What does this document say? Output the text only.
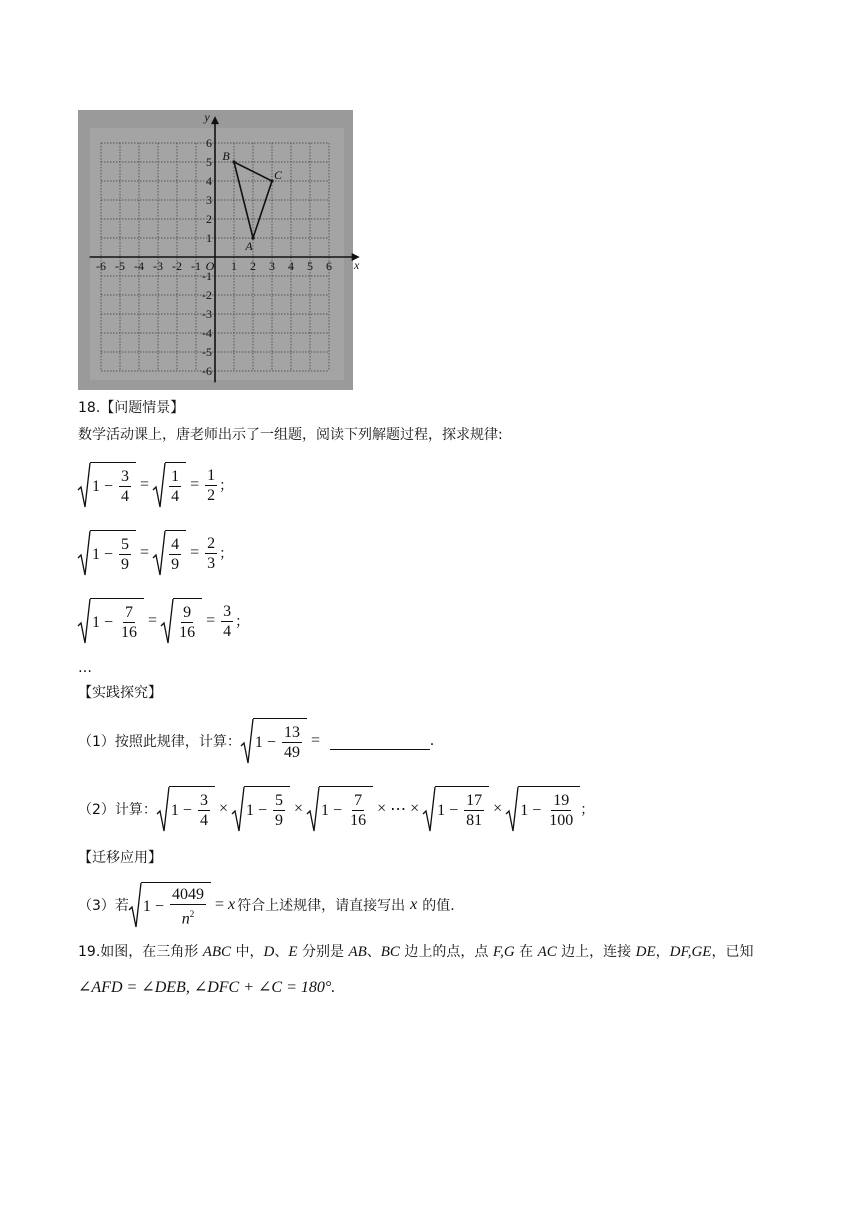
-6 -5 -4 -3 -2 -1	1 2 3 4 5 6
6
5
4
3
2
1
-1
-2
-3
-4
-5
-6
O	x
y
A
B
C
18.【问题情景】
数学活动课上，唐老师出示了一组题，阅读下列解题过程，探求规律:
$1 - \frac{3}{4} = \frac{1}{4} = \frac{1}{2}$ ；
$1 - \frac{5}{9} = \frac{4}{9} = \frac{2}{3}$ ；
$1 - \frac{7}{16} = \frac{9}{16} = \frac{3}{4}$ ；
…
【实践探究】
（1）按照此规律，计算： $1 - \frac{13}{49}$ =	.
（2）计算： $1 - \frac{3}{4} \times 1 - \frac{5}{9} \times 1 - \frac{7}{16}$ × ⋯ × $1 - \frac{17}{81} \times 1 - \frac{19}{100}$ ；
【迁移应用】
（3）若 $1 - \frac{4049}{n^2} = x$ 符合上述规律，请直接写出 x 的值.
19.如图，在三角形 ABC 中，D、E 分别是 AB、BC 边上的点，点 F,G 在 AC 边上，连接 DE，DF,GE，已知
∠AFD = ∠DEB, ∠DFC + ∠C = 180°.
